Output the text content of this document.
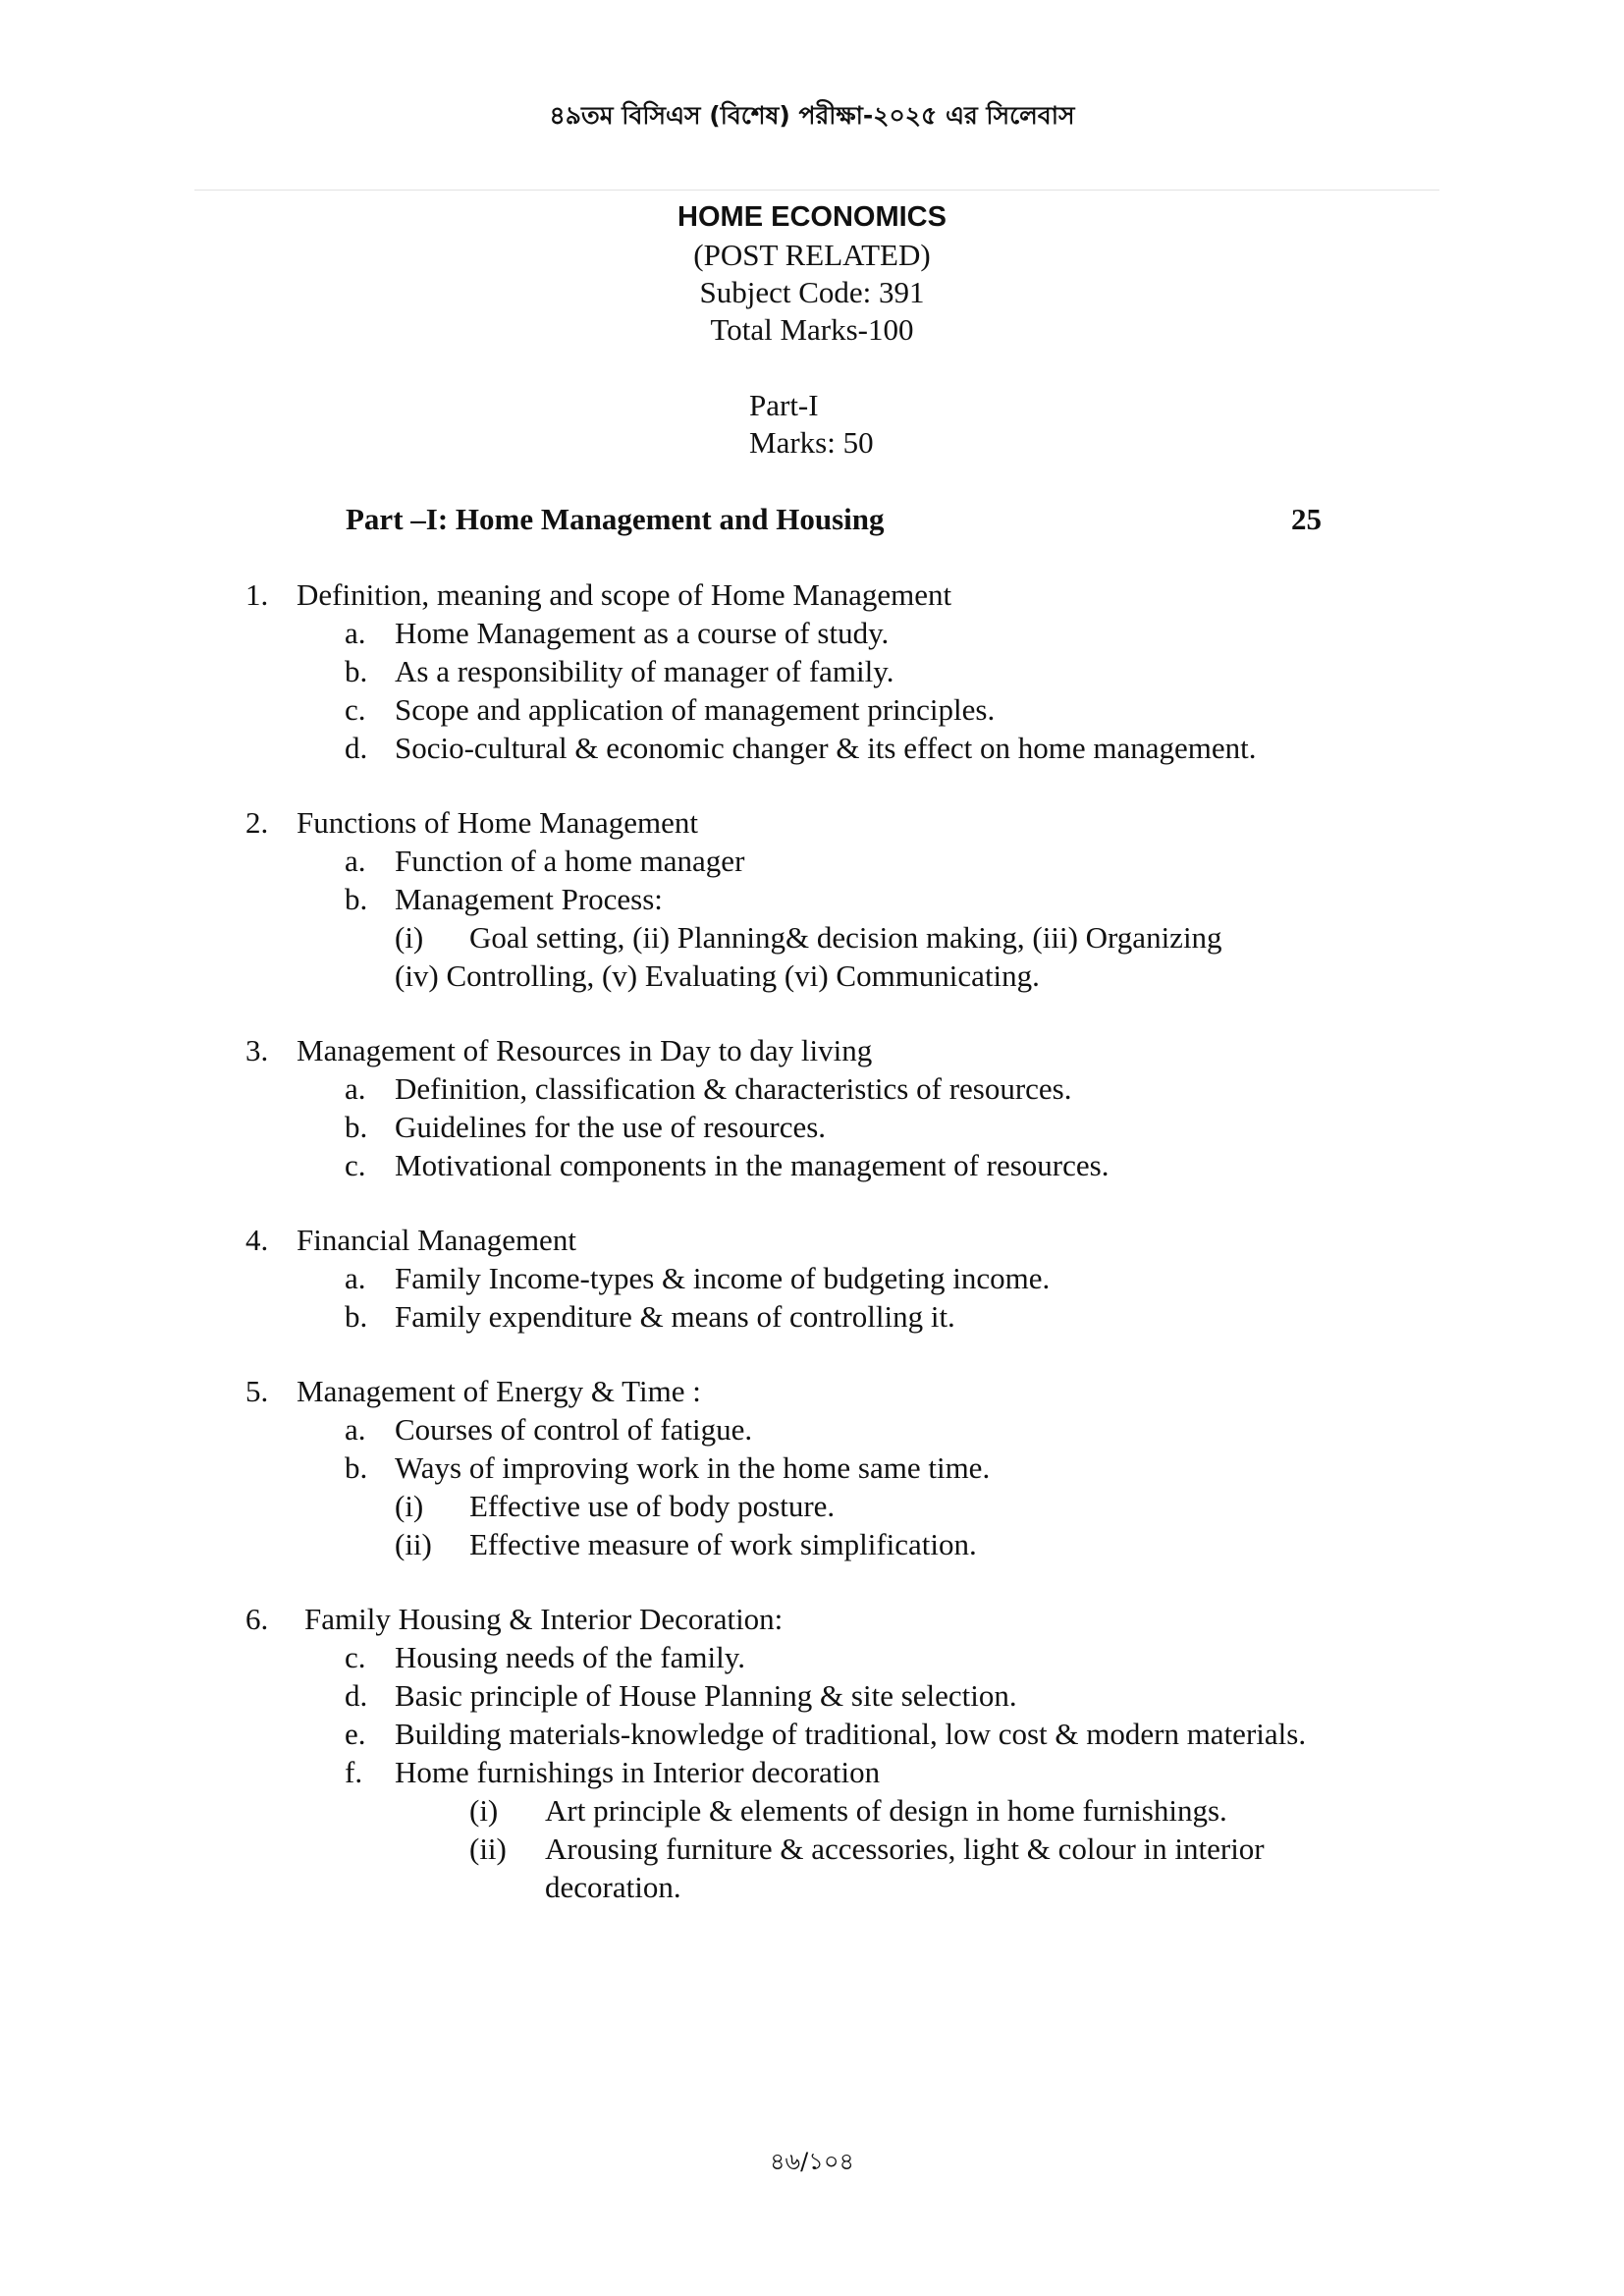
৪৯তম বিসিএস (বিশেষ) পরীক্ষা-২০২৫ এর সিলেবাস
HOME ECONOMICS
(POST RELATED)
Subject Code: 391
Total Marks-100
Part-I
Marks: 50
Part –I: Home Management and Housing	25
1. Definition, meaning and scope of Home Management
a. Home Management as a course of study.
b. As a responsibility of manager of family.
c. Scope and application of management principles.
d. Socio-cultural & economic changer & its effect on home management.
2. Functions of Home Management
a. Function of a home manager
b. Management Process:
(i) Goal setting, (ii) Planning& decision making, (iii) Organizing
(iv) Controlling, (v) Evaluating (vi) Communicating.
3. Management of Resources in Day to day living
a. Definition, classification & characteristics of resources.
b. Guidelines for the use of resources.
c. Motivational components in the management of resources.
4. Financial Management
a. Family Income-types & income of budgeting income.
b. Family expenditure & means of controlling it.
5. Management of Energy & Time :
a. Courses of control of fatigue.
b. Ways of improving work in the home same time.
(i) Effective use of body posture.
(ii) Effective measure of work simplification.
6. Family Housing & Interior Decoration:
c. Housing needs of the family.
d. Basic principle of House Planning & site selection.
e. Building materials-knowledge of traditional, low cost & modern materials.
f. Home furnishings in Interior decoration
(i) Art principle & elements of design in home furnishings.
(ii) Arousing furniture & accessories, light & colour in interior
decoration.
৪৬/১০৪
